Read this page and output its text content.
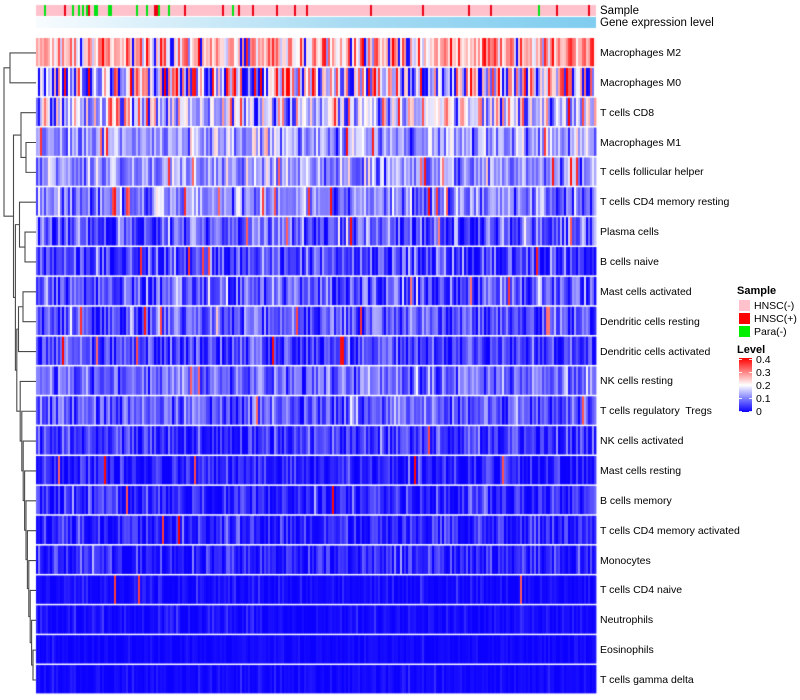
Sample
Gene expression level
Macrophages M2
Macrophages M0
T cells CD8
Macrophages M1
T cells follicular helper
T cells CD4 memory resting
Plasma cells
B cells naive
Mast cells activated
Dendritic cells resting
Dendritic cells activated
NK cells resting
T cells regulatory  Tregs
NK cells activated
Mast cells resting
B cells memory
T cells CD4 memory activated
Monocytes
T cells CD4 naive
Neutrophils
Eosinophils
T cells gamma delta
Sample
HNSC(-)
HNSC(+)
Para(-)
Level
0.4
0.3
0.2
0.1
0
